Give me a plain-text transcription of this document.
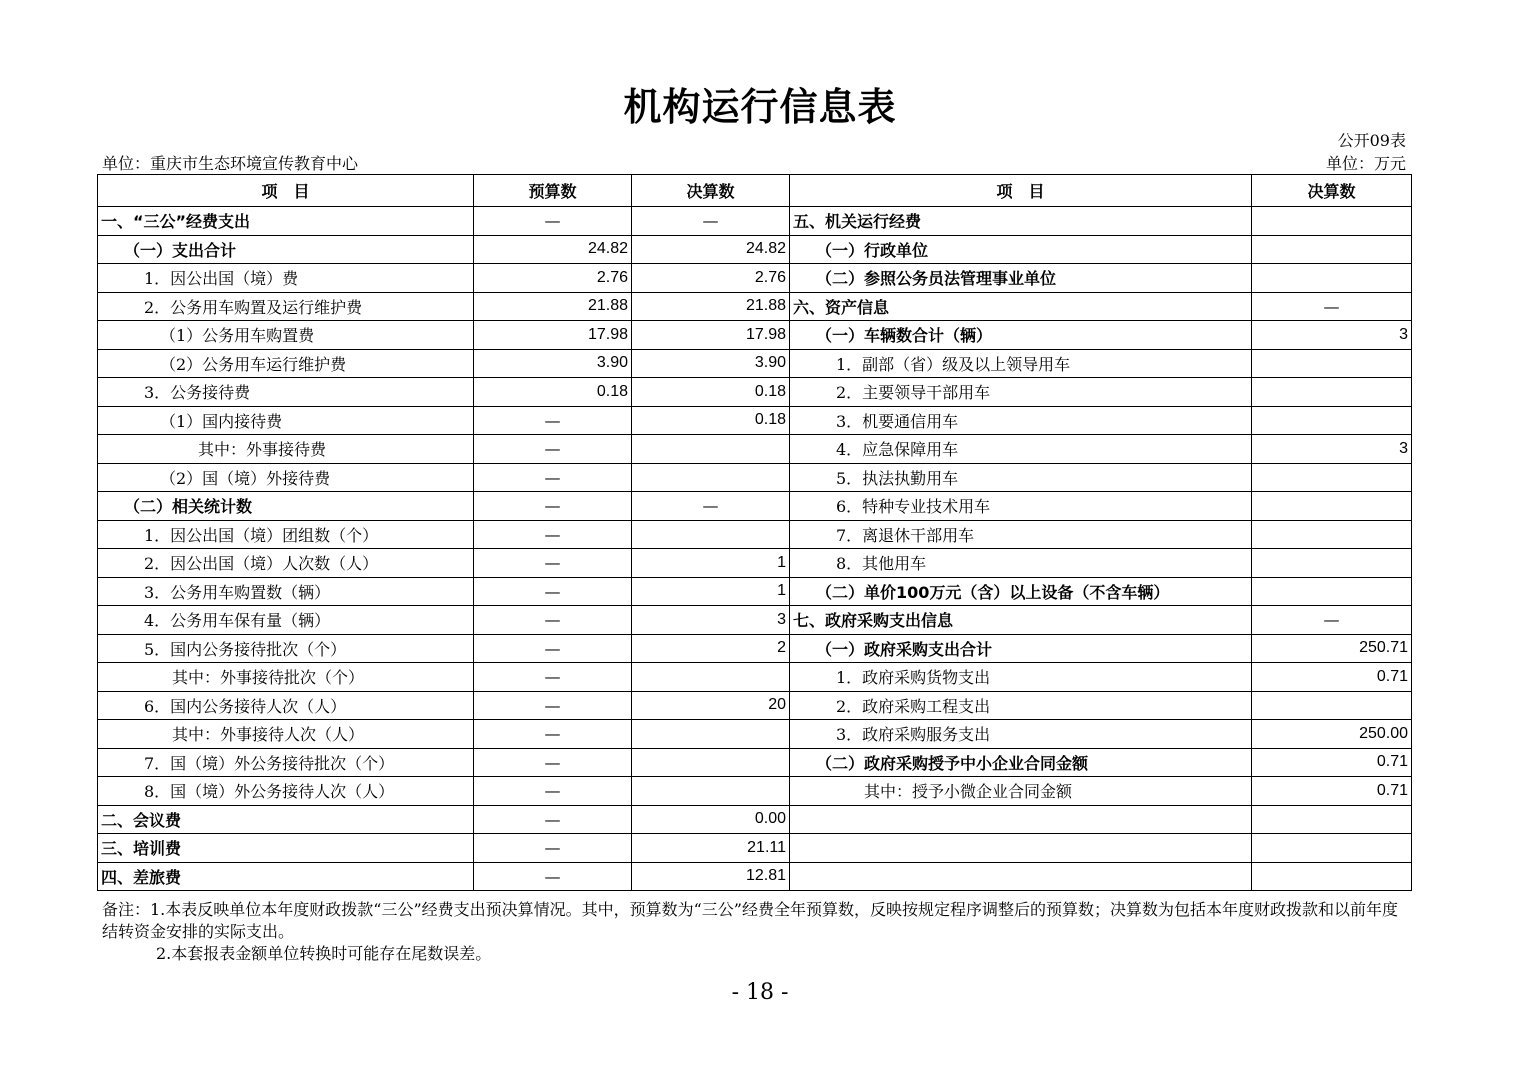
机构运行信息表
公开09表
单位：重庆市生态环境宣传教育中心	单位：万元
项　目	预算数	决算数	项　目	决算数
一、“三公”经费支出	—	—	五、机关运行经费	
（一）支出合计	24.82	24.82	（一）行政单位	
1．因公出国（境）费	2.76	2.76	（二）参照公务员法管理事业单位	
2．公务用车购置及运行维护费	21.88	21.88	六、资产信息	—
（1）公务用车购置费	17.98	17.98	（一）车辆数合计（辆）	3
（2）公务用车运行维护费	3.90	3.90	1．副部（省）级及以上领导用车	
3．公务接待费	0.18	0.18	2．主要领导干部用车	
（1）国内接待费	—	0.18	3．机要通信用车	
其中：外事接待费	—		4．应急保障用车	3
（2）国（境）外接待费	—		5．执法执勤用车	
（二）相关统计数	—	—	6．特种专业技术用车	
1．因公出国（境）团组数（个）	—		7．离退休干部用车	
2．因公出国（境）人次数（人）	—	1	8．其他用车	
3．公务用车购置数（辆）	—	1	（二）单价100万元（含）以上设备（不含车辆）	
4．公务用车保有量（辆）	—	3	七、政府采购支出信息	—
5．国内公务接待批次（个）	—	2	（一）政府采购支出合计	250.71
其中：外事接待批次（个）	—		1．政府采购货物支出	0.71
6．国内公务接待人次（人）	—	20	2．政府采购工程支出	
其中：外事接待人次（人）	—		3．政府采购服务支出	250.00
7．国（境）外公务接待批次（个）	—		（二）政府采购授予中小企业合同金额	0.71
8．国（境）外公务接待人次（人）	—		其中：授予小微企业合同金额	0.71
二、会议费	—	0.00		
三、培训费	—	21.11		
四、差旅费	—	12.81		
备注：1.本表反映单位本年度财政拨款“三公”经费支出预决算情况。其中，预算数为“三公”经费全年预算数，反映按规定程序调整后的预算数；决算数为包括本年度财政拨款和以前年度结转资金安排的实际支出。
2.本套报表金额单位转换时可能存在尾数误差。
- 18 -
